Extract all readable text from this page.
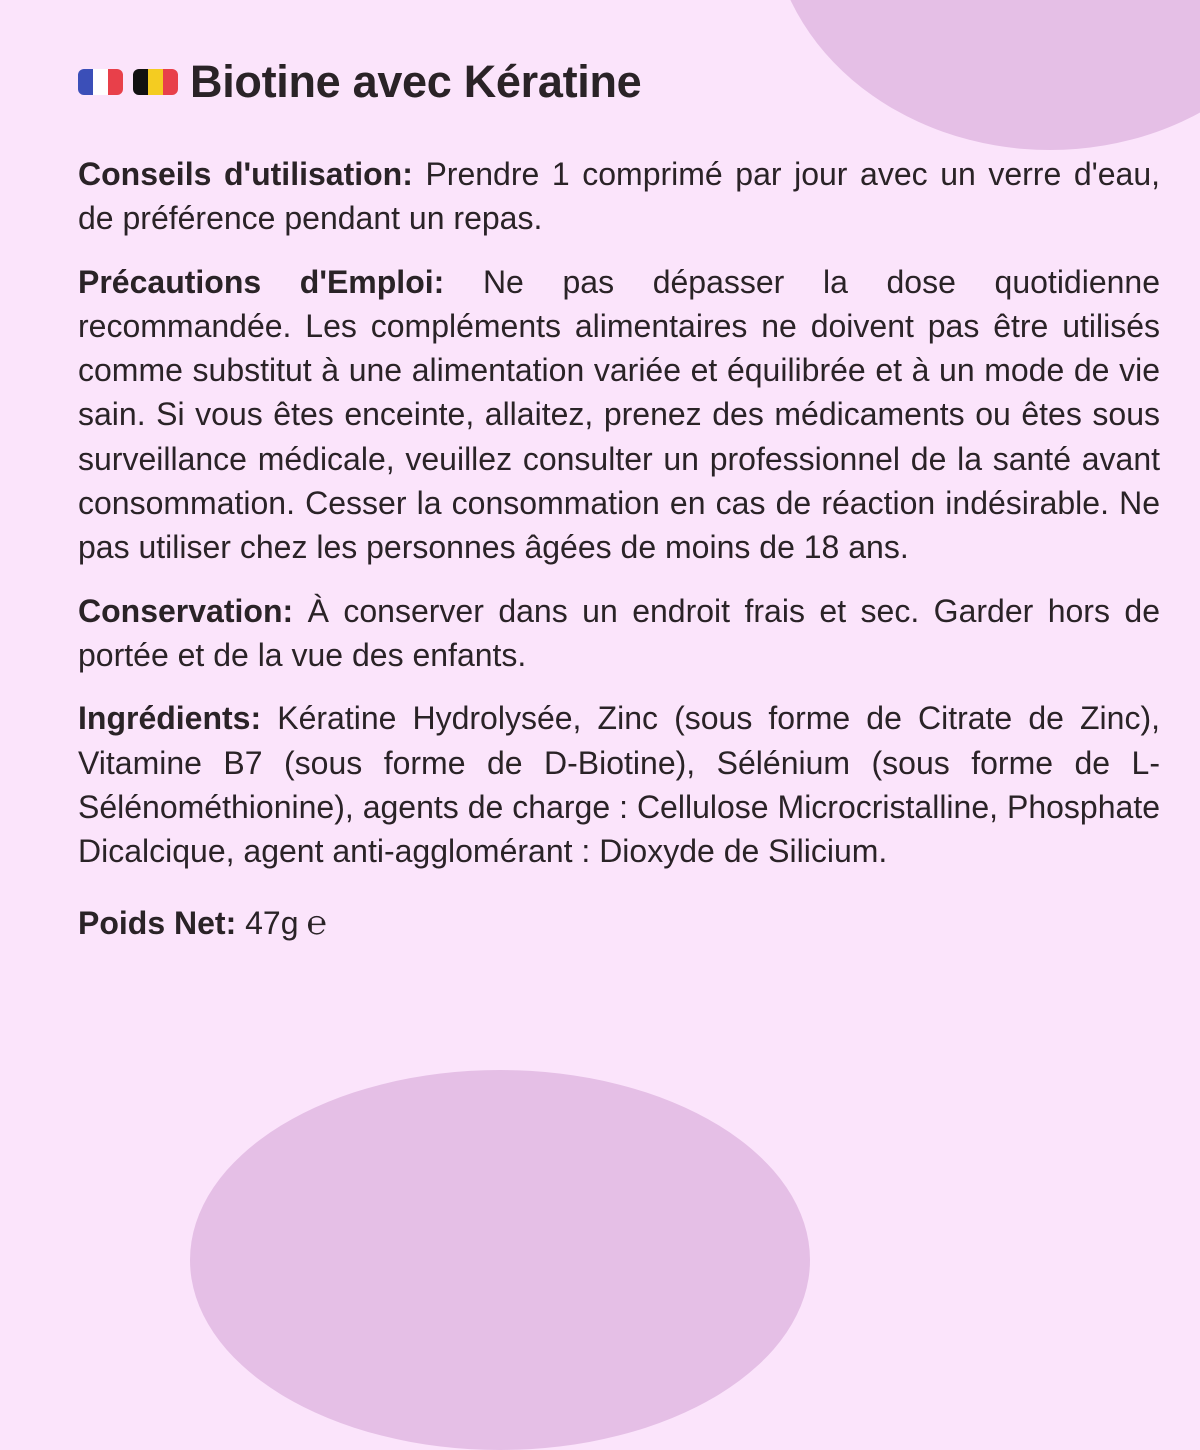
Biotine avec Kératine
Conseils d'utilisation: Prendre 1 comprimé par jour avec un verre d'eau, de préférence pendant un repas.
Précautions d'Emploi: Ne pas dépasser la dose quotidienne recommandée. Les compléments alimentaires ne doivent pas être utilisés comme substitut à une alimentation variée et équilibrée et à un mode de vie sain. Si vous êtes enceinte, allaitez, prenez des médicaments ou êtes sous surveillance médicale, veuillez consulter un professionnel de la santé avant consommation. Cesser la consommation en cas de réaction indésirable. Ne pas utiliser chez les personnes âgées de moins de 18 ans.
Conservation: À conserver dans un endroit frais et sec. Garder hors de portée et de la vue des enfants.
Ingrédients: Kératine Hydrolysée, Zinc (sous forme de Citrate de Zinc), Vitamine B7 (sous forme de D-Biotine), Sélénium (sous forme de L-Sélénométhionine), agents de charge : Cellulose Microcristalline, Phosphate Dicalcique, agent anti-agglomérant : Dioxyde de Silicium.
Poids Net: 47g ℮
